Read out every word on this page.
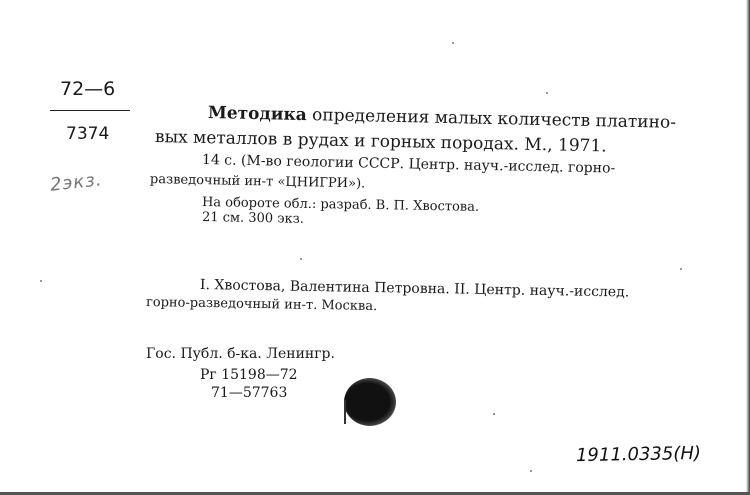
72—6
7374
2экз.
Методика определения малых количеств платино-
вых металлов в рудах и горных породах. М., 1971.
14 с. (М-во геологии СССР. Центр. науч.-исслед. горно-
разведочный ин-т «ЦНИГРИ»).
На обороте обл.: разраб. В. П. Хвостова.
21 см. 300 экз.
I. Хвостова, Валентина Петровна. II. Центр. науч.-исслед.
горно-разведочный ин-т. Москва.
Гос. Публ. б-ка. Ленингр.
Рг 15198—72
71—57763
1911.0335(Н)
